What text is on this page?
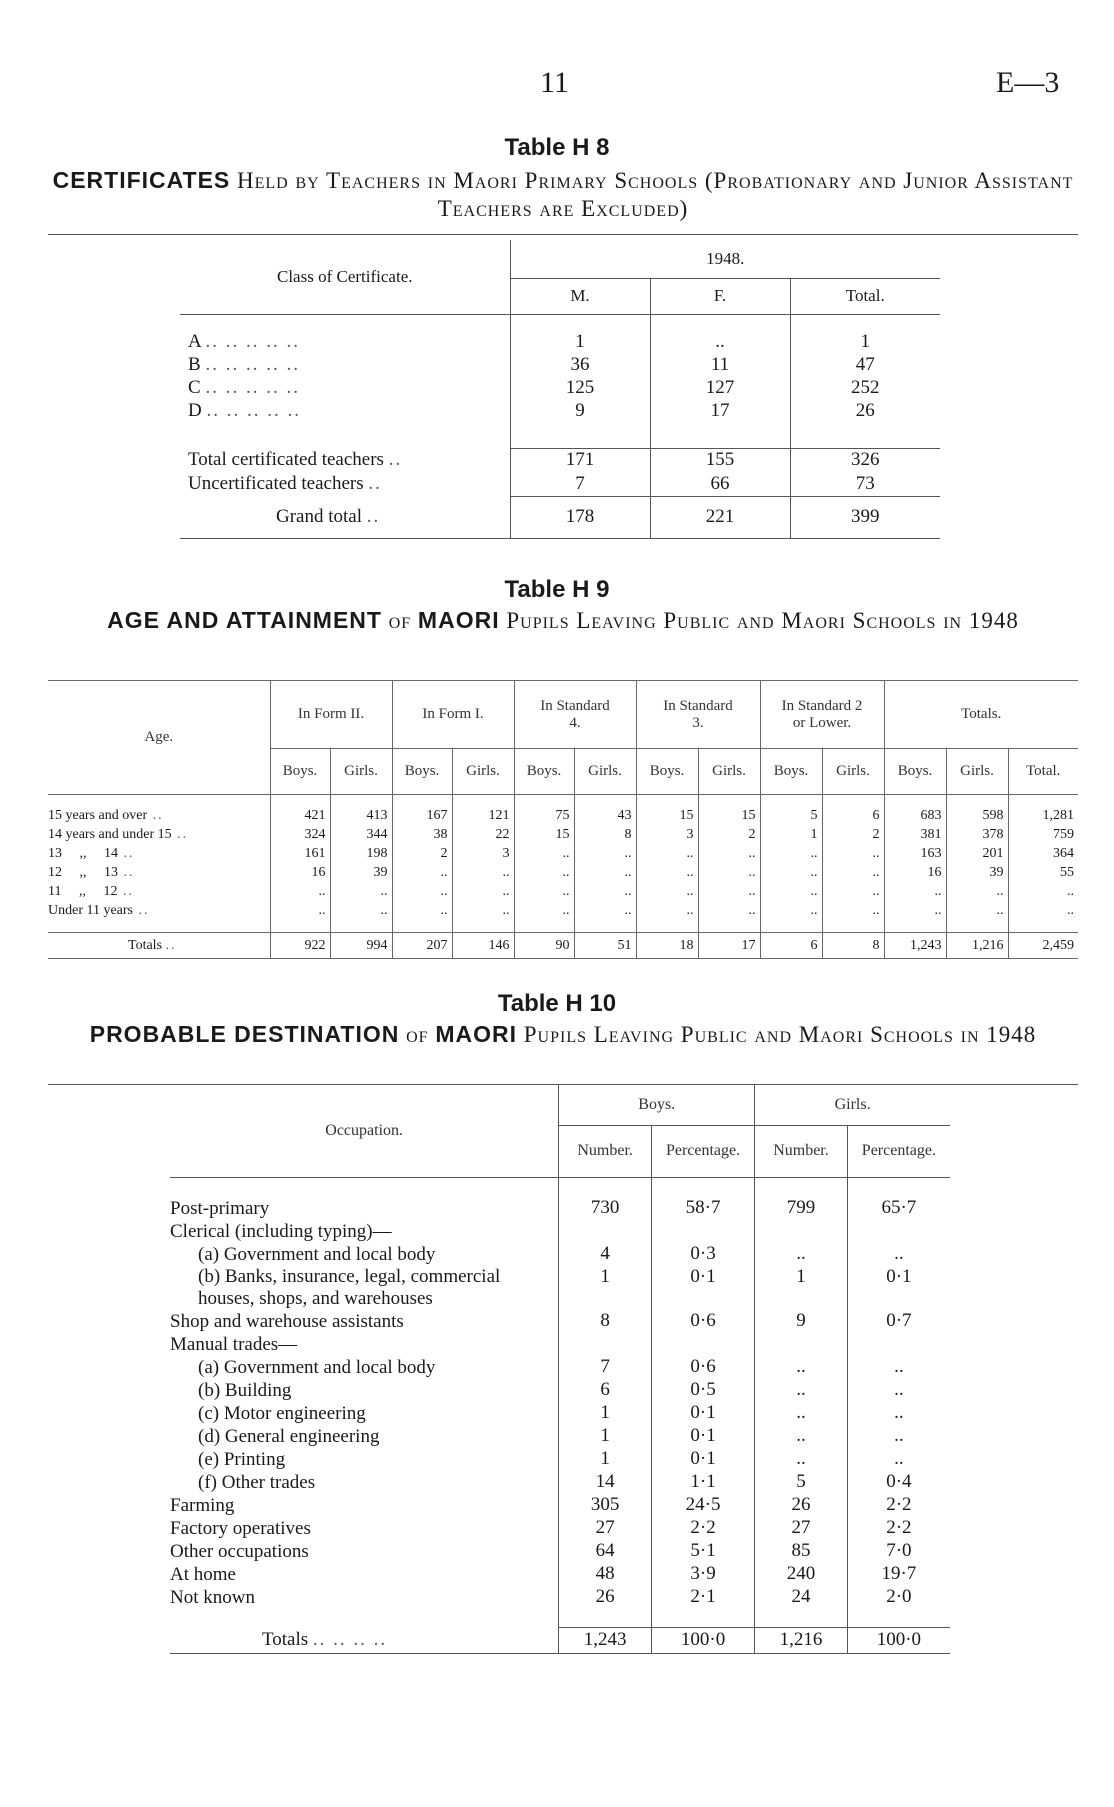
11	E—3
Table H 8
CERTIFICATES Held by Teachers in Maori Primary Schools (Probationary and Junior Assistant Teachers are Excluded)
Class of Certificate.	1948.		
	M.	F.	Total.

A .. .. .. .. ..	1	..	1
B .. .. .. .. ..	36	11	47
C .. .. .. .. ..	125	127	252
D .. .. .. .. ..	9	17	26

Total certificated teachers ..	171	155	326
Uncertificated teachers ..	7	66	73
Grand total ..	178	221	399
Table H 9
AGE AND ATTAINMENT of MAORI Pupils Leaving Public and Maori Schools in 1948
Age.	In Form II.		In Form I.		In Standard 4.		In Standard 3.		In Standard 2 or Lower.		Totals.		
	Boys.	Girls.	Boys.	Girls.	Boys.	Girls.	Boys.	Girls.	Boys.	Girls.	Boys.	Girls.	Total.

15 years and over ..	421	413	167	121	75	43	15	15	5	6	683	598	1,281
14 years and under 15 ..	324	344	38	22	15	8	3	2	1	2	381	378	759
13     ,,     14 ..	161	198	2	3	..	..	..	..	..	..	163	201	364
12     ,,     13 ..	16	39	..	..	..	..	..	..	..	..	16	39	55
11     ,,     12 ..	..	..	..	..	..	..	..	..	..	..	..	..	..
Under 11 years ..	..	..	..	..	..	..	..	..	..	..	..	..	..

Totals ..	922	994	207	146	90	51	18	17	6	8	1,243	1,216	2,459
Table H 10
PROBABLE DESTINATION of MAORI Pupils Leaving Public and Maori Schools in 1948
Occupation.	Boys.		Girls.	
	Number.	Percentage.	Number.	Percentage.

Post-primary	730	58·7	799	65·7
Clerical (including typing)—				
(a) Government and local body	4	0·3	..	..
(b) Banks, insurance, legal, commercial houses, shops, and warehouses	1	0·1	1	0·1
Shop and warehouse assistants	8	0·6	9	0·7
Manual trades—				
(a) Government and local body	7	0·6	..	..
(b) Building	6	0·5	..	..
(c) Motor engineering	1	0·1	..	..
(d) General engineering	1	0·1	..	..
(e) Printing	1	0·1	..	..
(f) Other trades	14	1·1	5	0·4
Farming	305	24·5	26	2·2
Factory operatives	27	2·2	27	2·2
Other occupations	64	5·1	85	7·0
At home	48	3·9	240	19·7
Not known	26	2·1	24	2·0

Totals .. .. .. ..	1,243	100·0	1,216	100·0
